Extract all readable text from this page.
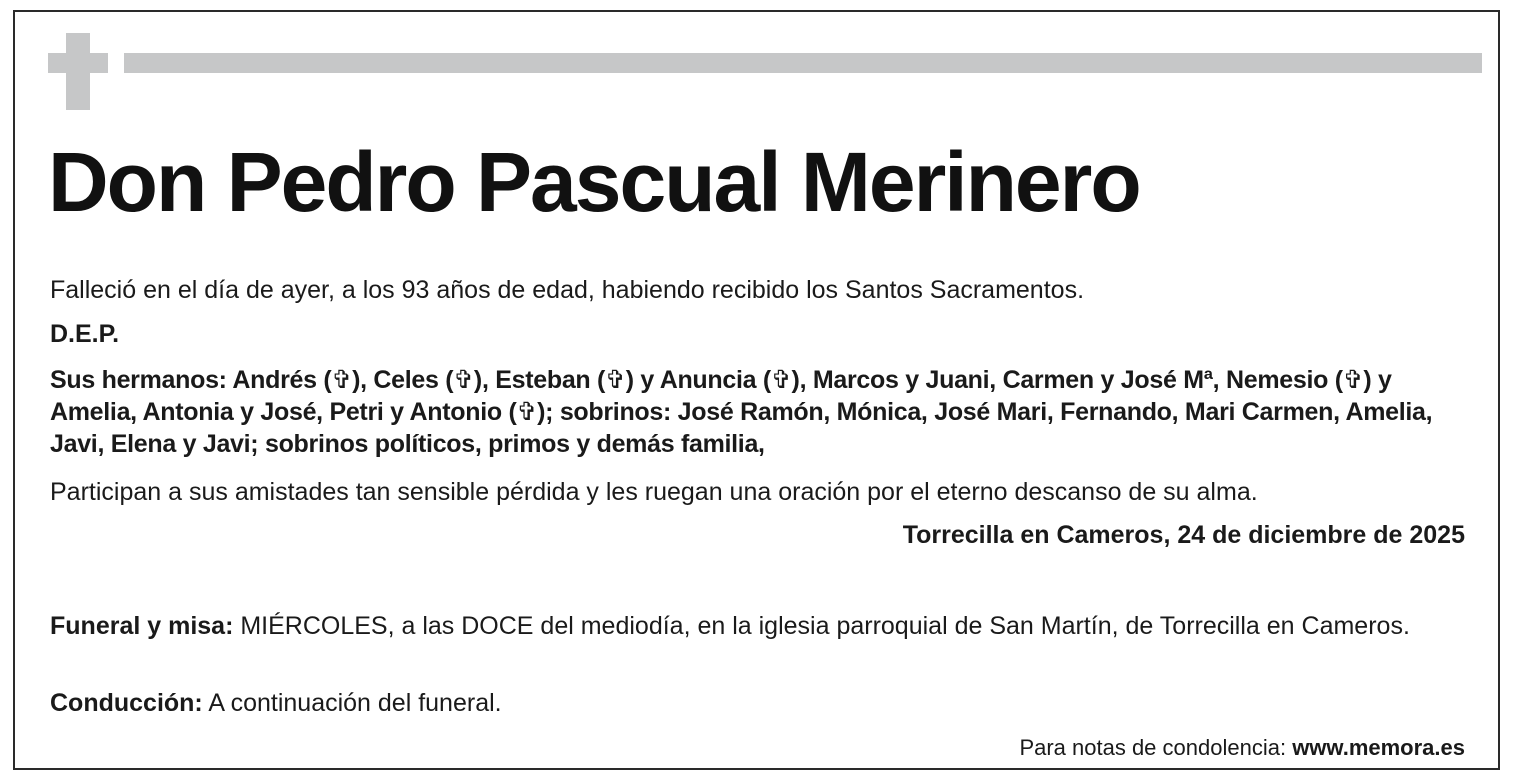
Don Pedro Pascual Merinero
Falleció en el día de ayer, a los 93 años de edad, habiendo recibido los Santos Sacramentos.
D.E.P.
Sus hermanos: Andrés (✞), Celes (✞), Esteban (✞) y Anuncia (✞), Marcos y Juani, Carmen y José Mª, Nemesio (✞) y Amelia, Antonia y José, Petri y Antonio (✞); sobrinos: José Ramón, Mónica, José Mari, Fernando, Mari Carmen, Amelia, Javi, Elena y Javi; sobrinos políticos, primos y demás familia,
Participan a sus amistades tan sensible pérdida y les ruegan una oración por el eterno descanso de su alma.
Torrecilla en Cameros, 24 de diciembre de 2025
Funeral y misa: MIÉRCOLES, a las DOCE del mediodía, en la iglesia parroquial de San Martín, de Torrecilla en Cameros.
Conducción: A continuación del funeral.
Para notas de condolencia: www.memora.es
